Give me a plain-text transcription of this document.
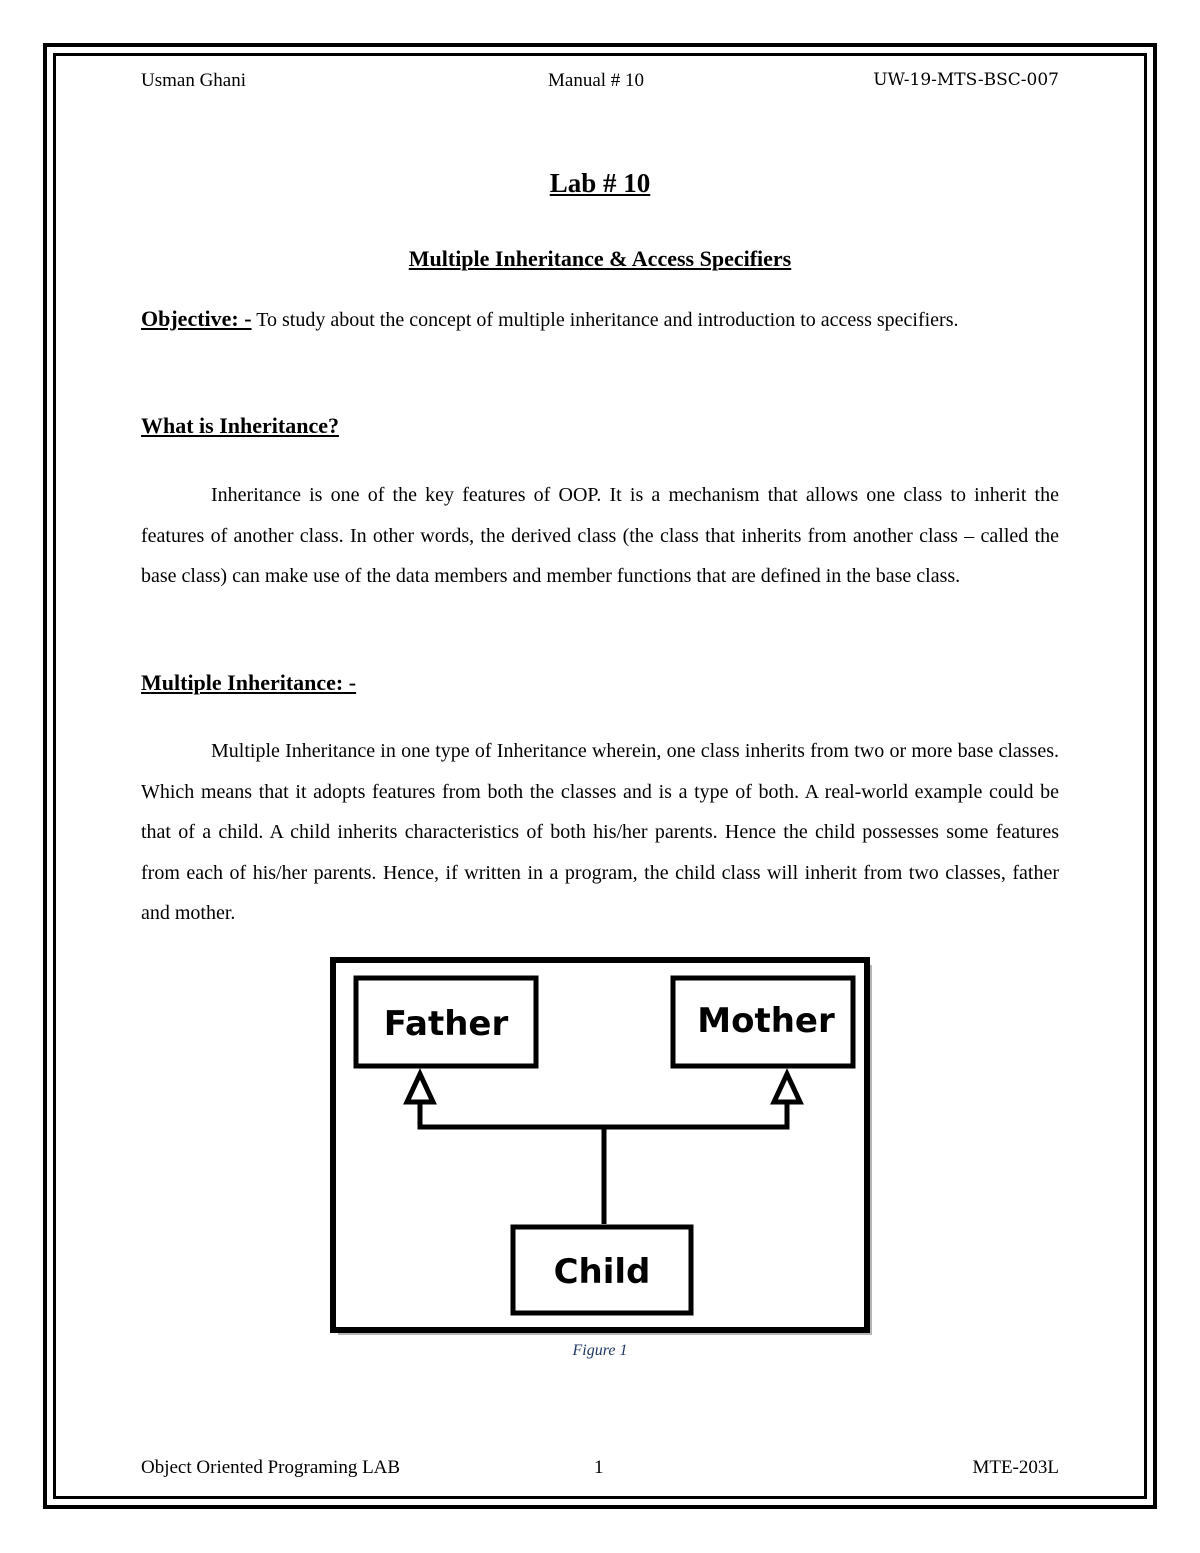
Usman Ghani	Manual # 10	UW-19-MTS-BSC-007
Lab # 10
Multiple Inheritance & Access Specifiers
Objective: - To study about the concept of multiple inheritance and introduction to access specifiers.
What is Inheritance?
Inheritance is one of the key features of OOP. It is a mechanism that allows one class to inherit the features of another class. In other words, the derived class (the class that inherits from another class – called the base class) can make use of the data members and member functions that are defined in the base class.
Multiple Inheritance: -
Multiple Inheritance in one type of Inheritance wherein, one class inherits from two or more base classes. Which means that it adopts features from both the classes and is a type of both. A real-world example could be that of a child. A child inherits characteristics of both his/her parents. Hence the child possesses some features from each of his/her parents. Hence, if written in a program, the child class will inherit from two classes, father and mother.
Father	Mother
Child
Figure 1
Object Oriented Programing LAB	1	MTE-203L
